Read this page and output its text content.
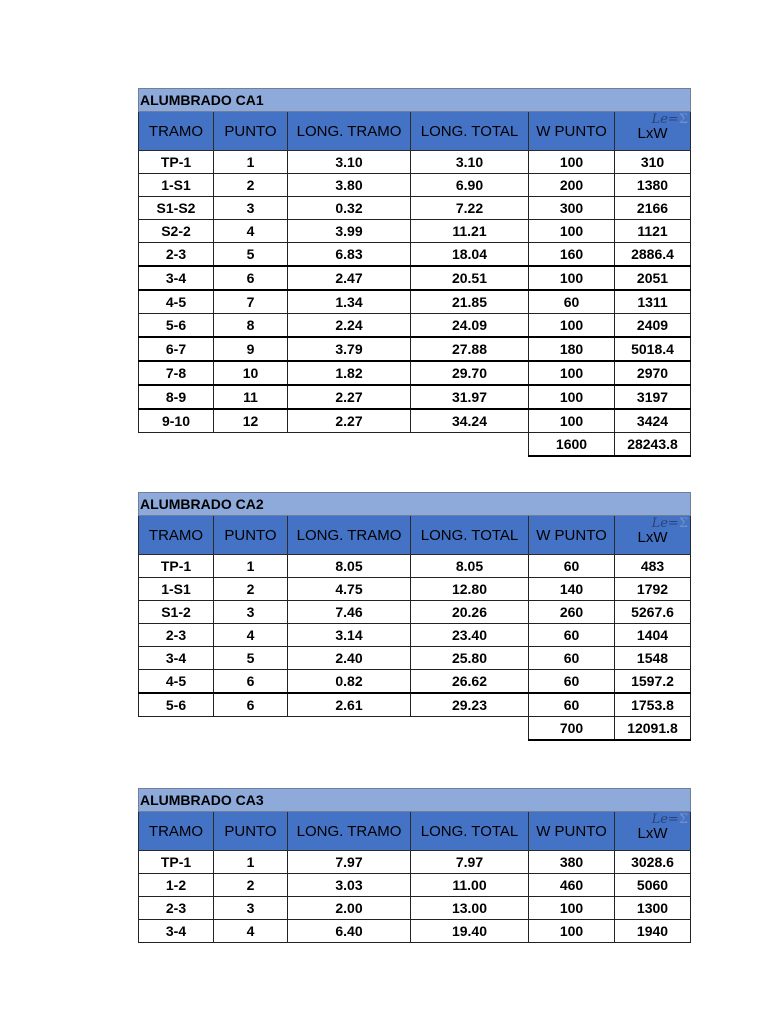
ALUMBRADO CA1					
TRAMO	PUNTO	LONG. TRAMO	LONG. TOTAL	W PUNTO	LxW
Le=Σ

TP-1	1	3.10	3.10	100	310
1-S1	2	3.80	6.90	200	1380
S1-S2	3	0.32	7.22	300	2166
S2-2	4	3.99	11.21	100	1121
2-3	5	6.83	18.04	160	2886.4
3-4	6	2.47	20.51	100	2051
4-5	7	1.34	21.85	60	1311
5-6	8	2.24	24.09	100	2409
6-7	9	3.79	27.88	180	5018.4
7-8	10	1.82	29.70	100	2970
8-9	11	2.27	31.97	100	3197
9-10	12	2.27	34.24	100	3424
				1600	28243.8
ALUMBRADO CA2					
TRAMO	PUNTO	LONG. TRAMO	LONG. TOTAL	W PUNTO	LxW
Le=Σ

TP-1	1	8.05	8.05	60	483
1-S1	2	4.75	12.80	140	1792
S1-2	3	7.46	20.26	260	5267.6
2-3	4	3.14	23.40	60	1404
3-4	5	2.40	25.80	60	1548
4-5	6	0.82	26.62	60	1597.2
5-6	6	2.61	29.23	60	1753.8
				700	12091.8
ALUMBRADO CA3					
TRAMO	PUNTO	LONG. TRAMO	LONG. TOTAL	W PUNTO	LxW
Le=Σ

TP-1	1	7.97	7.97	380	3028.6
1-2	2	3.03	11.00	460	5060
2-3	3	2.00	13.00	100	1300
3-4	4	6.40	19.40	100	1940
